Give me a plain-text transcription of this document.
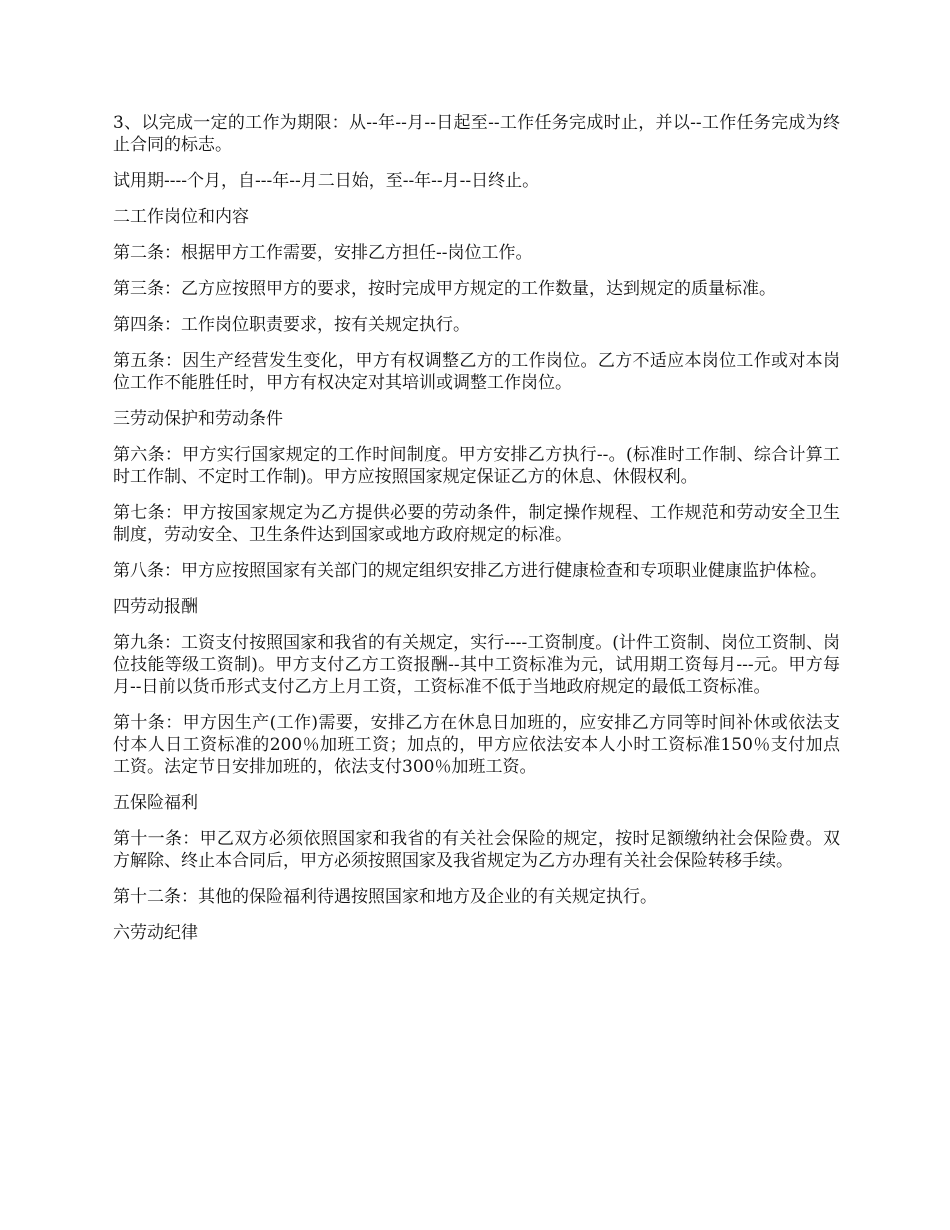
3、以完成一定的工作为期限：从--年--月--日起至--工作任务完成时止，并以--工作任务完成为终止合同的标志。

试用期----个月，自---年--月二日始，至--年--月--日终止。

二工作岗位和内容

第二条：根据甲方工作需要，安排乙方担任--岗位工作。

第三条：乙方应按照甲方的要求，按时完成甲方规定的工作数量，达到规定的质量标准。

第四条：工作岗位职责要求，按有关规定执行。

第五条：因生产经营发生变化，甲方有权调整乙方的工作岗位。乙方不适应本岗位工作或对本岗位工作不能胜任时，甲方有权决定对其培训或调整工作岗位。

三劳动保护和劳动条件

第六条：甲方实行国家规定的工作时间制度。甲方安排乙方执行--。(标准时工作制、综合计算工时工作制、不定时工作制)。甲方应按照国家规定保证乙方的休息、休假权利。

第七条：甲方按国家规定为乙方提供必要的劳动条件，制定操作规程、工作规范和劳动安全卫生制度，劳动安全、卫生条件达到国家或地方政府规定的标准。

第八条：甲方应按照国家有关部门的规定组织安排乙方进行健康检查和专项职业健康监护体检。

四劳动报酬

第九条：工资支付按照国家和我省的有关规定，实行----工资制度。(计件工资制、岗位工资制、岗位技能等级工资制)。甲方支付乙方工资报酬--其中工资标准为元，试用期工资每月---元。甲方每月--日前以货币形式支付乙方上月工资，工资标准不低于当地政府规定的最低工资标准。

第十条：甲方因生产(工作)需要，安排乙方在休息日加班的，应安排乙方同等时间补休或依法支付本人日工资标准的200％加班工资；加点的，甲方应依法安本人小时工资标准150％支付加点工资。法定节日安排加班的，依法支付300％加班工资。

五保险福利

第十一条：甲乙双方必须依照国家和我省的有关社会保险的规定，按时足额缴纳社会保险费。双方解除、终止本合同后，甲方必须按照国家及我省规定为乙方办理有关社会保险转移手续。

第十二条：其他的保险福利待遇按照国家和地方及企业的有关规定执行。

六劳动纪律
